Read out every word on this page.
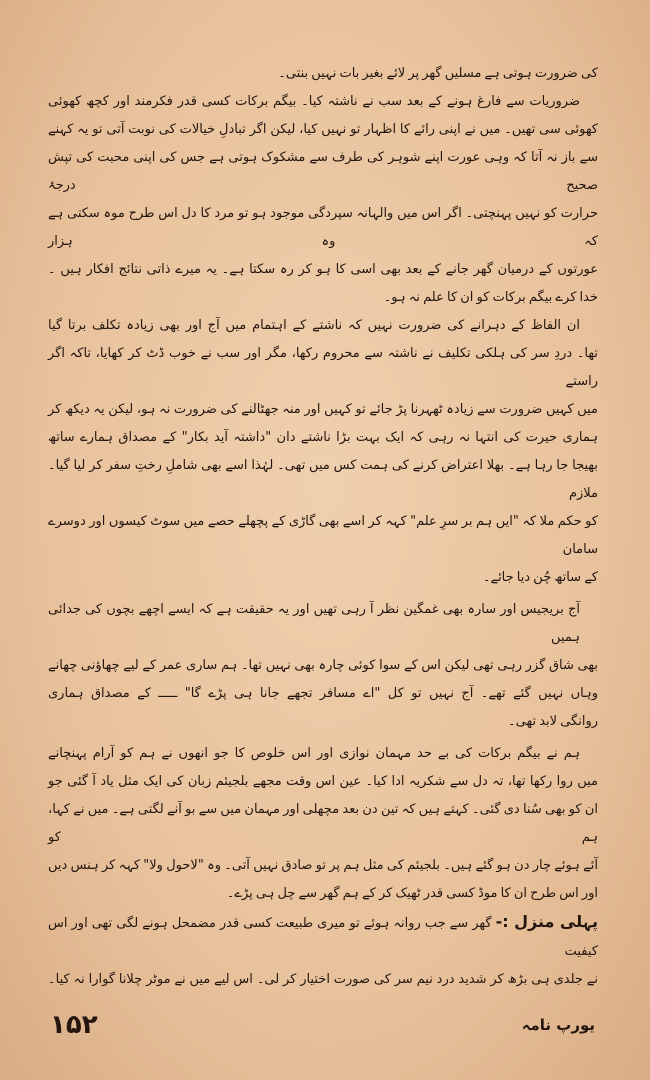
کی ضرورت ہوتی ہے مسلیں گھر پر لائے بغیر بات نہیں بنتی۔
ضروریات سے فارغ ہونے کے بعد سب نے ناشتہ کیا۔ بیگم برکات کسی قدر فکرمند اور کچھ کھوئی
کھوئی سی تھیں۔ میں نے اپنی رائے کا اظہار تو نہیں کیا، لیکن اگر تبادلِ خیالات کی نوبت آتی تو یہ کہنے
سے باز نہ آتا کہ وہی عورت اپنے شوہر کی طرف سے مشکوک ہوتی ہے جس کی اپنی محبت کی تپش صحیح درجۂ
حرارت کو نہیں پہنچتی۔ اگر اس میں والہانہ سپردگی موجود ہو تو مرد کا دل اس طرح موہ سکتی ہے کہ وہ ہزار
عورتوں کے درمیان گھر جانے کے بعد بھی اسی کا ہو کر رہ سکتا ہے۔ یہ میرے ذاتی نتائج افکار ہیں ۔
خدا کرے بیگم برکات کو ان کا علم نہ ہو۔
ان الفاظ کے دہرانے کی ضرورت نہیں کہ ناشتے کے اہتمام میں آج اور بھی زیادہ تکلف برتا گیا
تھا۔ دردِ سر کی ہلکی تکلیف نے ناشتہ سے محروم رکھا، مگر اور سب نے خوب ڈٹ کر کھایا، تاکہ اگر راستے
میں کہیں ضرورت سے زیادہ ٹھہرنا پڑ جائے تو کہیں اور منہ جھٹالنے کی ضرورت نہ ہو، لیکن یہ دیکھ کر
ہماری حیرت کی انتہا نہ رہی کہ ایک بہت بڑا ناشتے دان "داشتہ آید بکار" کے مصداق ہمارے ساتھ
بھیجا جا رہا ہے۔ بھلا اعتراض کرنے کی ہمت کس میں تھی۔ لہٰذا اسے بھی شاملِ رختِ سفر کر لیا گیا۔ ملازم
کو حکم ملا کہ "ایں ہم بر سرِ علم" کہہ کر اسے بھی گاڑی کے پچھلے حصے میں سوٹ کیسوں اور دوسرے سامان
کے ساتھ چُن دیا جائے۔
آج بریجیس اور سارہ بھی غمگین نظر آ رہی تھیں اور یہ حقیقت ہے کہ ایسے اچھے بچوں کی جدائی ہمیں
بھی شاق گزر رہی تھی لیکن اس کے سوا کوئی چارہ بھی نہیں تھا۔ ہم ساری عمر کے لیے چھاؤنی چھانے
وہاں نہیں گئے تھے۔ آج نہیں تو کل "اے مسافر تجھے جانا ہی پڑے گا" ـــــ کے مصداق ہماری
روانگی لابد تھی۔
ہم نے بیگم برکات کی بے حد مہمان نوازی اور اس خلوص کا جو انھوں نے ہم کو آرام پہنچانے
میں روا رکھا تھا، تہ دل سے شکریہ ادا کیا۔ عین اس وقت مجھے بلجیئم زبان کی ایک مثل یاد آ گئی جو
ان کو بھی سُنا دی گئی۔ کہتے ہیں کہ تین دن بعد مچھلی اور مہمان میں سے بو آنے لگتی ہے۔ میں نے کہا، ہم کو
آئے ہوئے چار دن ہو گئے ہیں۔ بلجیئم کی مثل ہم پر تو صادق نہیں آتی۔ وہ "لاحول ولا" کہہ کر ہنس دیں
اور اس طرح ان کا موڈ کسی قدر ٹھیک کر کے ہم گھر سے چل ہی پڑے۔
پہلی منزل :- گھر سے جب روانہ ہوئے تو میری طبیعت کسی قدر مضمحل ہونے لگی تھی اور اس کیفیت
نے جلدی ہی بڑھ کر شدید درد نیم سر کی صورت اختیار کر لی۔ اس لیے میں نے موٹر چلانا گوارا نہ کیا۔
۱۵۲	یورپ نامہ
